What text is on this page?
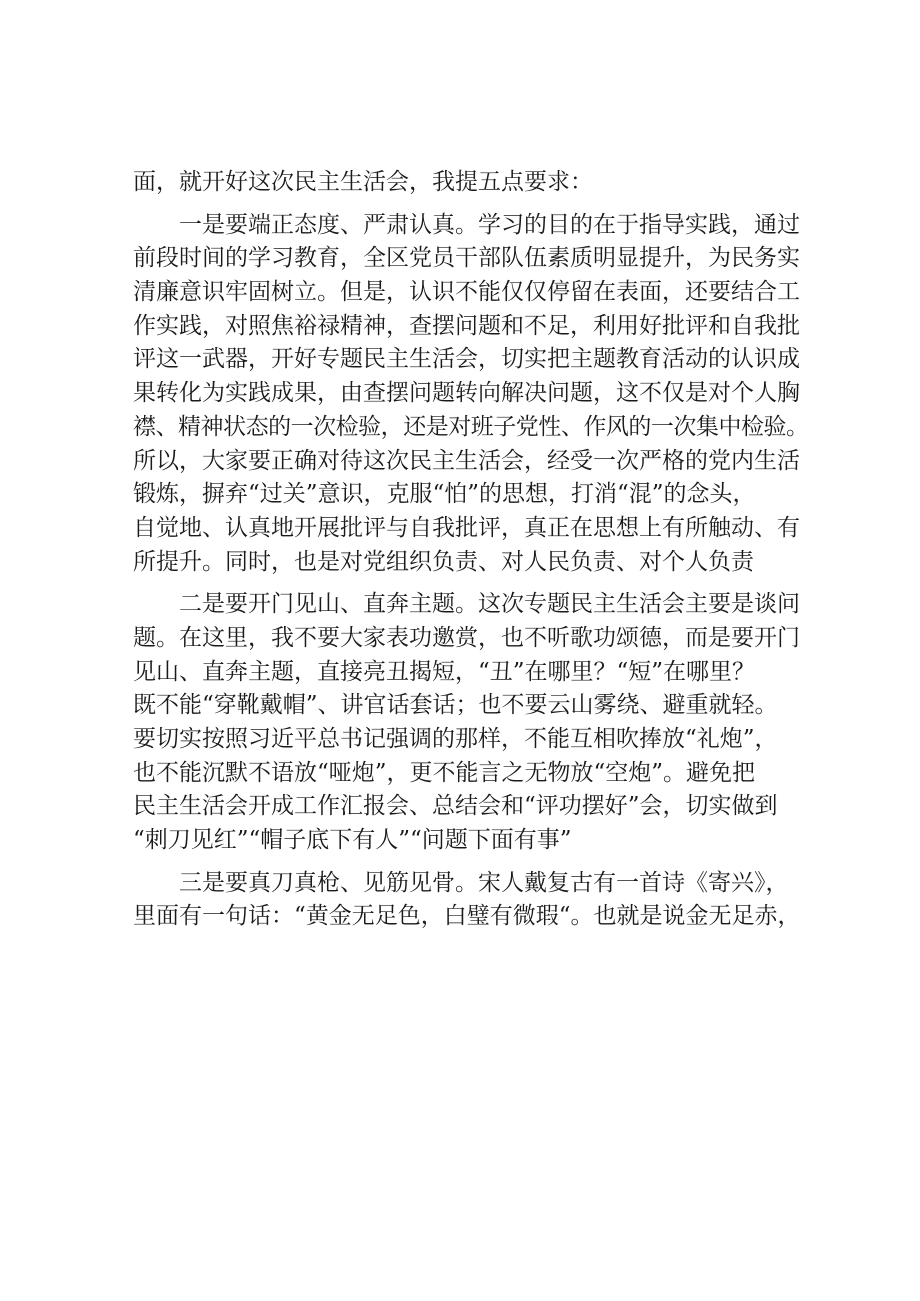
面，就开好这次民主生活会，我提五点要求：
一是要端正态度、严肃认真。学习的目的在于指导实践，通过
前段时间的学习教育，全区党员干部队伍素质明显提升，为民务实
清廉意识牢固树立。但是，认识不能仅仅停留在表面，还要结合工
作实践，对照焦裕禄精神，查摆问题和不足，利用好批评和自我批
评这一武器，开好专题民主生活会，切实把主题教育活动的认识成
果转化为实践成果，由查摆问题转向解决问题，这不仅是对个人胸
襟、精神状态的一次检验，还是对班子党性、作风的一次集中检验。
所以，大家要正确对待这次民主生活会，经受一次严格的党内生活
锻炼，摒弃“过关”意识，克服“怕”的思想，打消“混”的念头，
自觉地、认真地开展批评与自我批评，真正在思想上有所触动、有
所提升。同时，也是对党组织负责、对人民负责、对个人负责
二是要开门见山、直奔主题。这次专题民主生活会主要是谈问
题。在这里，我不要大家表功邀赏，也不听歌功颂德，而是要开门
见山、直奔主题，直接亮丑揭短，“丑”在哪里？“短”在哪里？
既不能“穿靴戴帽”、讲官话套话；也不要云山雾绕、避重就轻。
要切实按照习近平总书记强调的那样，不能互相吹捧放“礼炮”，
也不能沉默不语放“哑炮”，更不能言之无物放“空炮”。避免把
民主生活会开成工作汇报会、总结会和“评功摆好”会，切实做到
“刺刀见红”“帽子底下有人”“问题下面有事”
三是要真刀真枪、见筋见骨。宋人戴复古有一首诗《寄兴》，
里面有一句话：“黄金无足色，白璧有微瑕“。也就是说金无足赤，
